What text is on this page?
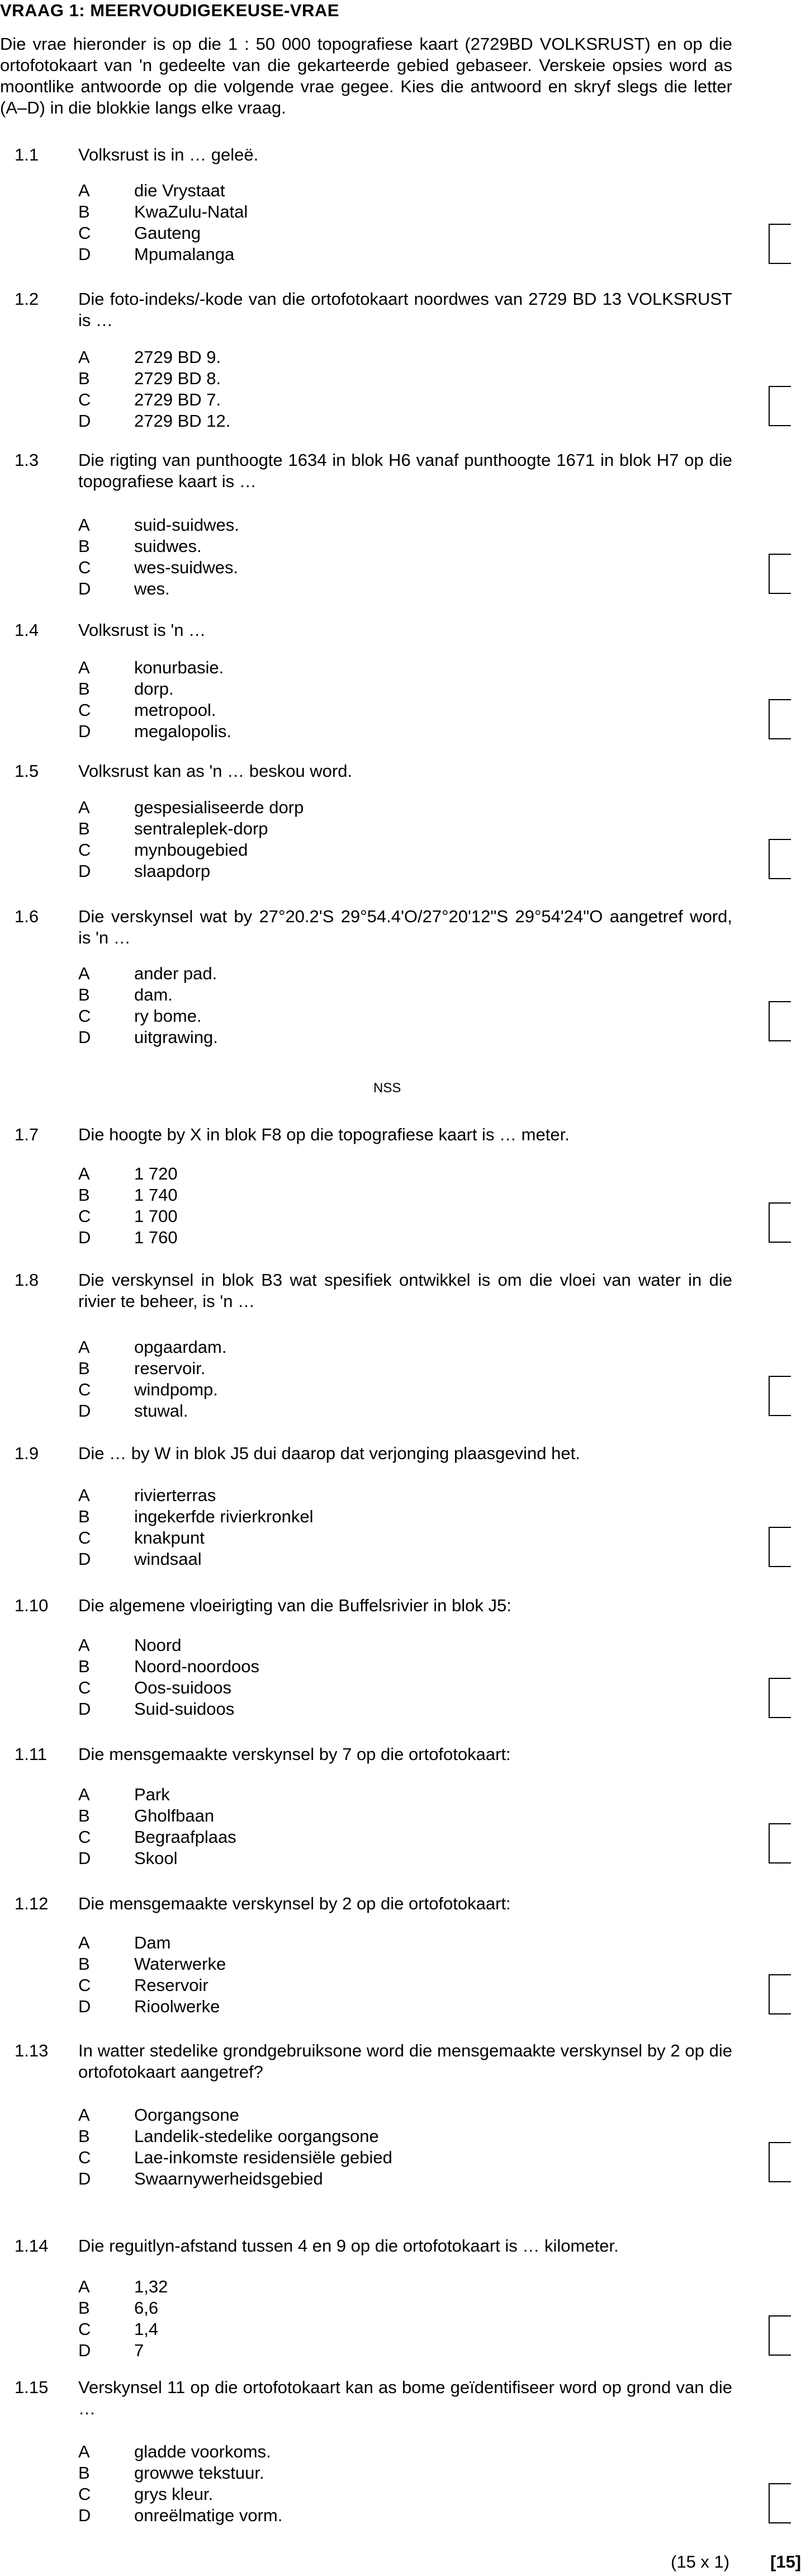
VRAAG 1: MEERVOUDIGEKEUSE-VRAE
Die vrae hieronder is op die 1 : 50 000 topografiese kaart (2729BD VOLKSRUST) en op die ortofotokaart van 'n gedeelte van die gekarteerde gebied gebaseer. Verskeie opsies word as moontlike antwoorde op die volgende vrae gegee. Kies die antwoord en skryf slegs die letter (A–D) in die blokkie langs elke vraag.
1.1 Volksrust is in … geleë.
A	die Vrystaat
B	KwaZulu-Natal
C	Gauteng
D	Mpumalanga
1.2 Die foto-indeks/-kode van die ortofotokaart noordwes van 2729 BD 13 VOLKSRUST is …
A	2729 BD 9.
B	2729 BD 8.
C	2729 BD 7.
D	2729 BD 12.
1.3 Die rigting van punthoogte 1634 in blok H6 vanaf punthoogte 1671 in blok H7 op die topografiese kaart is …
A	suid-suidwes.
B	suidwes.
C	wes-suidwes.
D	wes.
1.4 Volksrust is 'n …
A	konurbasie.
B	dorp.
C	metropool.
D	megalopolis.
1.5 Volksrust kan as 'n … beskou word.
A	gespesialiseerde dorp
B	sentraleplek-dorp
C	mynbougebied
D	slaapdorp
1.6 Die verskynsel wat by 27°20.2'S 29°54.4'O/27°20'12"S 29°54'24"O aangetref word, is 'n …
A	ander pad.
B	dam.
C	ry bome.
D	uitgrawing.
1.7 Die hoogte by X in blok F8 op die topografiese kaart is … meter.
A	1 720
B	1 740
C	1 700
D	1 760
1.8 Die verskynsel in blok B3 wat spesifiek ontwikkel is om die vloei van water in die rivier te beheer, is 'n …
A	opgaardam.
B	reservoir.
C	windpomp.
D	stuwal.
1.9 Die … by W in blok J5 dui daarop dat verjonging plaasgevind het.
A	rivierterras
B	ingekerfde rivierkronkel
C	knakpunt
D	windsaal
1.10 Die algemene vloeirigting van die Buffelsrivier in blok J5:
A	Noord
B	Noord-noordoos
C	Oos-suidoos
D	Suid-suidoos
1.11 Die mensgemaakte verskynsel by 7 op die ortofotokaart:
A	Park
B	Gholfbaan
C	Begraafplaas
D	Skool
1.12 Die mensgemaakte verskynsel by 2 op die ortofotokaart:
A	Dam
B	Waterwerke
C	Reservoir
D	Rioolwerke
1.13 In watter stedelike grondgebruiksone word die mensgemaakte verskynsel by 2 op die ortofotokaart aangetref?
A	Oorgangsone
B	Landelik-stedelike oorgangsone
C	Lae-inkomste residensiële gebied
D	Swaarnywerheidsgebied
1.14 Die reguitlyn-afstand tussen 4 en 9 op die ortofotokaart is … kilometer.
A	1,32
B	6,6
C	1,4
D	7
1.15 Verskynsel 11 op die ortofotokaart kan as bome geïdentifiseer word op grond van die …
A	gladde voorkoms.
B	growwe tekstuur.
C	grys kleur.
D	onreëlmatige vorm.
NSS
(15 x 1) [15]
